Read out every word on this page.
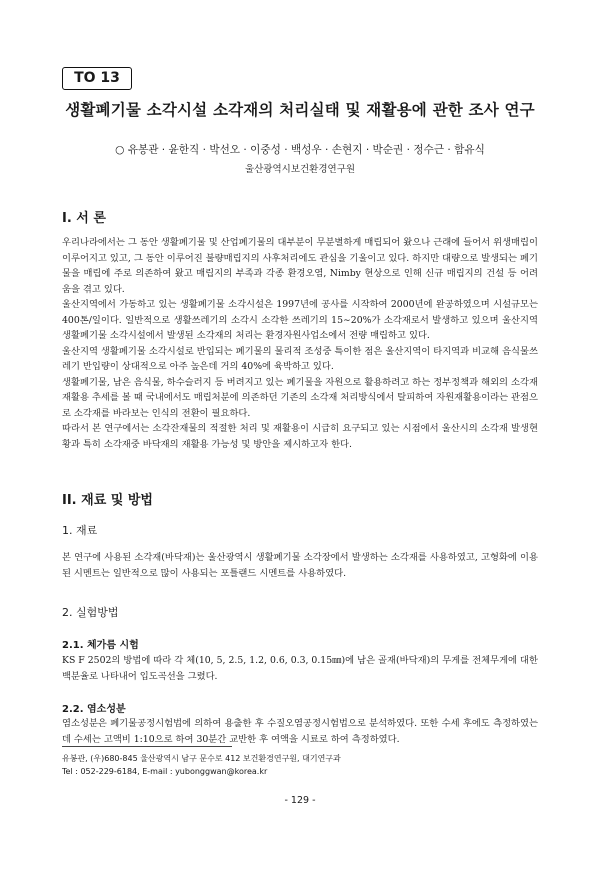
TO 13
생활폐기물 소각시설 소각재의 처리실태 및 재활용에 관한 조사 연구
○ 유봉관 · 윤한직 · 박선오 · 이중성 · 백성우 · 손현지 · 박순권 · 정수근 · 함유식
울산광역시보건환경연구원
I. 서 론

우리나라에서는 그 동안 생활폐기물 및 산업폐기물의 대부분이 무분별하게 매립되어 왔으나 근래에 들어서 위생매립이 이루어지고 있고, 그 동안 이루어진 불량매립지의 사후처리에도 관심을 기울이고 있다. 하지만 대량으로 발생되는 폐기물을 매립에 주로 의존하여 왔고 매립지의 부족과 각종 환경오염, Nimby 현상으로 인해 신규 매립지의 건설 등 어려움을 겪고 있다.

울산지역에서 가동하고 있는 생활폐기물 소각시설은 1997년에 공사를 시작하여 2000년에 완공하였으며 시설규모는 400톤/일이다. 일반적으로 생활쓰레기의 소각시 소각한 쓰레기의 15∼20%가 소각재로서 발생하고 있으며 울산지역 생활폐기물 소각시설에서 발생된 소각재의 처리는 환경자원사업소에서 전량 매립하고 있다.

울산지역 생활폐기물 소각시설로 반입되는 폐기물의 물리적 조성중 특이한 점은 울산지역이 타지역과 비교해 음식물쓰레기 반입량이 상대적으로 아주 높은데 거의 40%에 육박하고 있다.

생활폐기물, 남은 음식물, 하수슬러지 등 버려지고 있는 폐기물을 자원으로 활용하려고 하는 정부정책과 해외의 소각재 재활용 추세를 볼 때 국내에서도 매립처분에 의존하던 기존의 소각재 처리방식에서 탈피하여 자원재활용이라는 관점으로 소각재를 바라보는 인식의 전환이 필요하다.

따라서 본 연구에서는 소각잔재물의 적절한 처리 및 재활용이 시급히 요구되고 있는 시점에서 울산시의 소각재 발생현황과 특히 소각재중 바닥재의 재활용 가능성 및 방안을 제시하고자 한다.

II. 재료 및 방법
1. 재료

본 연구에 사용된 소각재(바닥재)는 울산광역시 생활폐기물 소각장에서 발생하는 소각재를 사용하였고, 고형화에 이용된 시멘트는 일반적으로 많이 사용되는 포틀랜드 시멘트를 사용하였다.

2. 실험방법
2.1. 체가름 시험

KS F 2502의 방법에 따라 각 체(10, 5, 2.5, 1.2, 0.6, 0.3, 0.15㎜)에 남은 골재(바닥재)의 무게를 전체무게에 대한 백분율로 나타내어 입도곡선을 그렸다.

2.2. 염소성분

염소성분은 폐기물공정시험법에 의하여 용출한 후 수질오염공정시험법으로 분석하였다. 또한 수세 후에도 측정하였는데 수세는 고액비 1:10으로 하여 30분간 교반한 후 여액을 시료로 하여 측정하였다.

유봉관, (우)680-845 울산광역시 남구 문수로 412 보건환경연구원, 대기연구과
Tel : 052-229-6184, E-mail : yubonggwan@korea.kr
- 129 -
